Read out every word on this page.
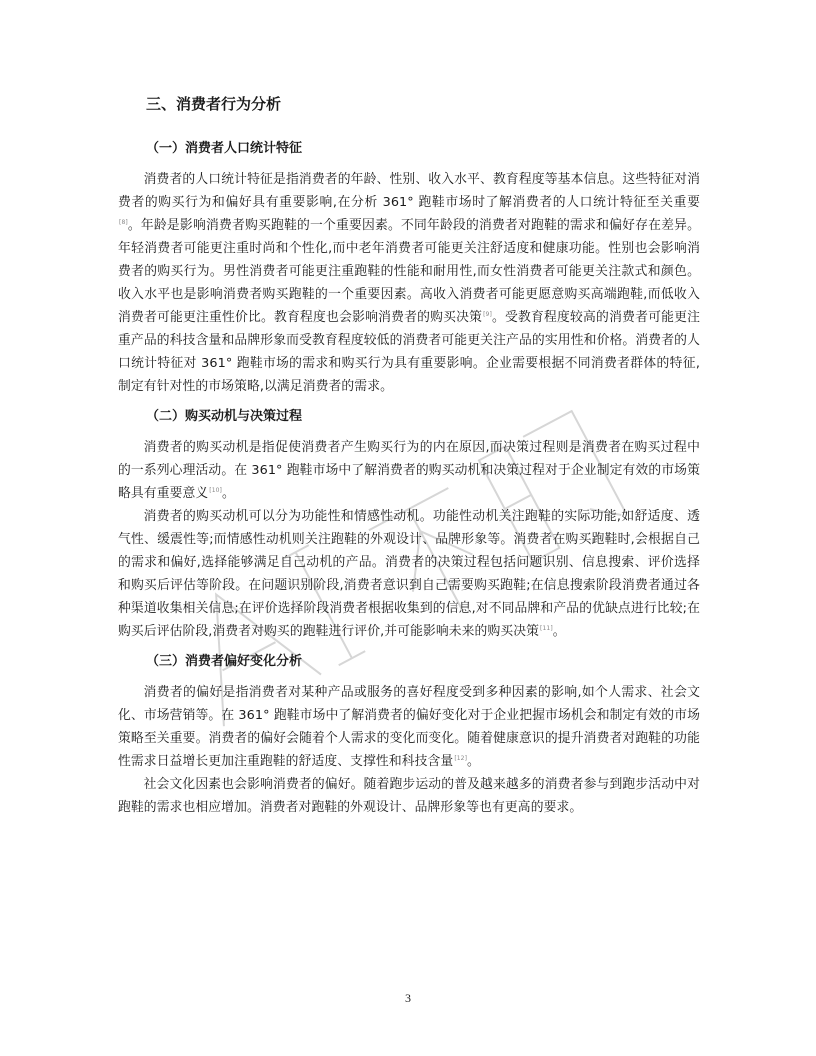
三、消费者行为分析
（一）消费者人口统计特征

消费者的人口统计特征是指消费者的年龄、性别、收入水平、教育程度等基本信息。这些特征对消费者的购买行为和偏好具有重要影响,在分析 361° 跑鞋市场时了解消费者的人口统计特征至关重要[8]。年龄是影响消费者购买跑鞋的一个重要因素。不同年龄段的消费者对跑鞋的需求和偏好存在差异。年轻消费者可能更注重时尚和个性化,而中老年消费者可能更关注舒适度和健康功能。性别也会影响消费者的购买行为。男性消费者可能更注重跑鞋的性能和耐用性,而女性消费者可能更关注款式和颜色。收入水平也是影响消费者购买跑鞋的一个重要因素。高收入消费者可能更愿意购买高端跑鞋,而低收入消费者可能更注重性价比。教育程度也会影响消费者的购买决策[9]。受教育程度较高的消费者可能更注重产品的科技含量和品牌形象而受教育程度较低的消费者可能更关注产品的实用性和价格。消费者的人口统计特征对 361° 跑鞋市场的需求和购买行为具有重要影响。企业需要根据不同消费者群体的特征,制定有针对性的市场策略,以满足消费者的需求。

（二）购买动机与决策过程

消费者的购买动机是指促使消费者产生购买行为的内在原因,而决策过程则是消费者在购买过程中的一系列心理活动。在 361° 跑鞋市场中了解消费者的购买动机和决策过程对于企业制定有效的市场策略具有重要意义[10]。

消费者的购买动机可以分为功能性和情感性动机。功能性动机关注跑鞋的实际功能,如舒适度、透气性、缓震性等;而情感性动机则关注跑鞋的外观设计、品牌形象等。消费者在购买跑鞋时,会根据自己的需求和偏好,选择能够满足自己动机的产品。消费者的决策过程包括问题识别、信息搜索、评价选择和购买后评估等阶段。在问题识别阶段,消费者意识到自己需要购买跑鞋;在信息搜索阶段消费者通过各种渠道收集相关信息;在评价选择阶段消费者根据收集到的信息,对不同品牌和产品的优缺点进行比较;在购买后评估阶段,消费者对购买的跑鞋进行评价,并可能影响未来的购买决策[11]。

（三）消费者偏好变化分析

消费者的偏好是指消费者对某种产品或服务的喜好程度受到多种因素的影响,如个人需求、社会文化、市场营销等。在 361° 跑鞋市场中了解消费者的偏好变化对于企业把握市场机会和制定有效的市场策略至关重要。消费者的偏好会随着个人需求的变化而变化。随着健康意识的提升消费者对跑鞋的功能性需求日益增长更加注重跑鞋的舒适度、支撑性和科技含量[12]。

社会文化因素也会影响消费者的偏好。随着跑步运动的普及越来越多的消费者参与到跑步活动中对跑鞋的需求也相应增加。消费者对跑鞋的外观设计、品牌形象等也有更高的要求。

3
